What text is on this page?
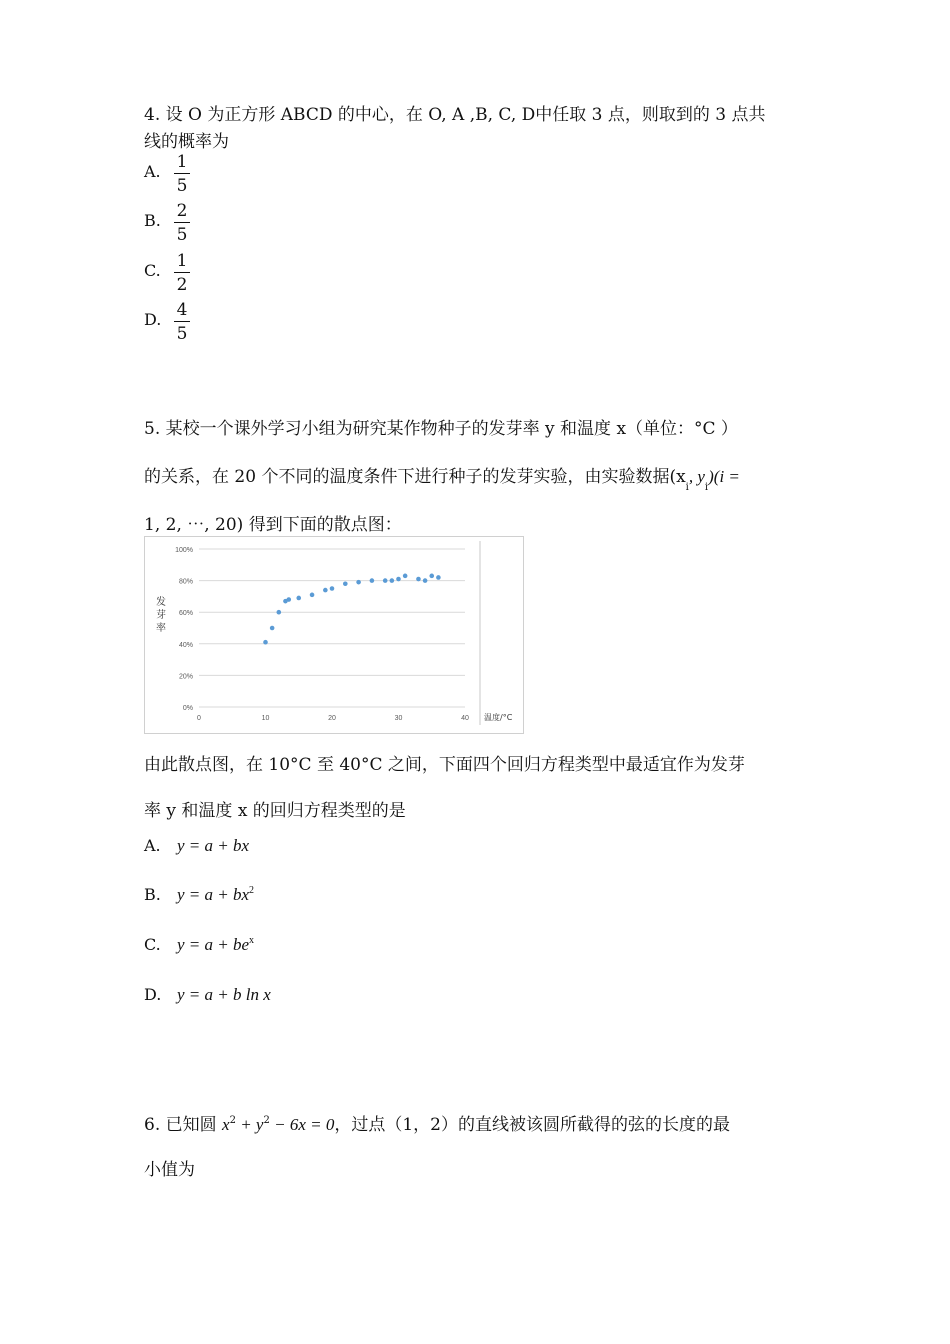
4. 设 O 为正方形 ABCD 的中心，在 O, A ,B, C, D中任取 3 点，则取到的 3 点共
线的概率为
A. 1
5
B. 2
5
C. 1
2
D. 4
5
5. 某校一个课外学习小组为研究某作物种子的发芽率 y 和温度 x（单位：°C ）
的关系，在 20 个不同的温度条件下进行种子的发芽实验，由实验数据($x_i$, $y_i)(i$ =
1, 2, ⋯, 20) 得到下面的散点图：
0%
20%
40%
60%
80%
100%
0	10	20	30	40
发
芽
率
温度/°C
由此散点图，在 10°C 至 40°C 之间，下面四个回归方程类型中最适宜作为发芽
率 y 和温度 x 的回归方程类型的是
A. y = a + bx
B. $y = a + bx^2$
C. $y = a + be^x$
D. y = a + b ln x
6. 已知圆 $x^2 + y^2 - 6x = 0$，过点（1，2）的直线被该圆所截得的弦的长度的最
小值为
